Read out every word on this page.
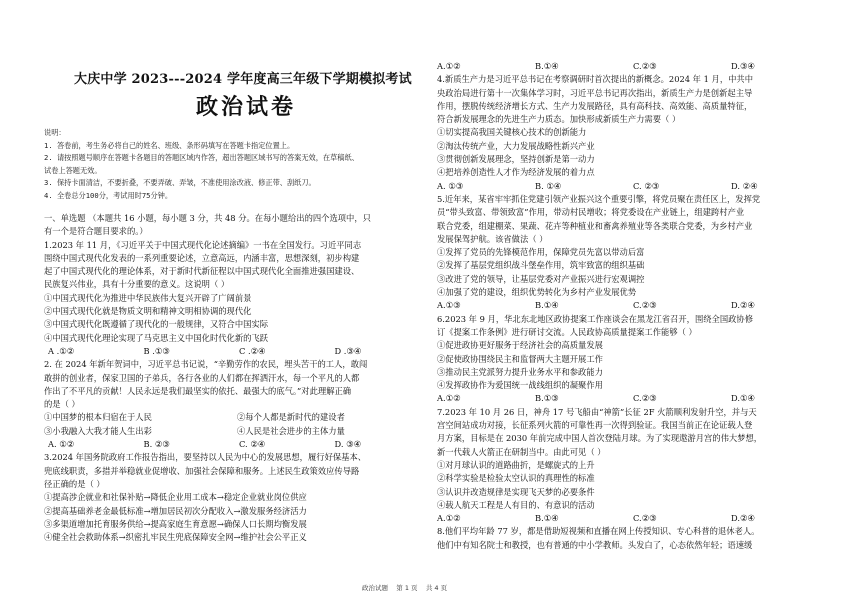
大庆中学 2023---2024 学年度高三年级下学期模拟考试
政治试卷
说明：
1. 答卷前，考生务必将自己的姓名、班级、条形码填写在答题卡指定位置上。
2. 请按照题号顺序在答题卡各题目的答题区域内作答，超出答题区域书写的答案无效，在草稿纸、
试卷上答题无效。
3. 保持卡面清洁，不要折叠，不要弄破、弄皱，不准使用涂改液、修正带、刮纸刀。
4. 全卷总分100分，考试用时75分钟。
一、单选题 （本题共 16 小题，每小题 3 分，共 48 分。在每小题给出的四个选项中，只
有一个是符合题目要求的。）
1.2023 年 11 月，《习近平关于中国式现代化论述摘编》一书在全国发行。习近平同志
围绕中国式现代化发表的一系列重要论述，立意高远，内涵丰富，思想深刻，初步构建
起了中国式现代化的理论体系，对于新时代新征程以中国式现代化全面推进强国建设、
民族复兴伟业，具有十分重要的意义。这说明（ ）
①中国式现代化为推进中华民族伟大复兴开辟了广阔前景
②中国式现代化就是物质文明和精神文明相协调的现代化
③中国式现代化既遵循了现代化的一般规律，又符合中国实际
④中国式现代化理论实现了马克思主义中国化时代化新的飞跃
A .①②	B .①③	C .②④	D .③④
2. 在 2024 年新年贺词中，习近平总书记说，“辛勤劳作的农民，埋头苦干的工人，敢闯
敢拼的创业者，保家卫国的子弟兵，各行各业的人们都在挥洒汗水，每一个平凡的人都
作出了不平凡的贡献！人民永远是我们最坚实的依托、最强大的底气。”对此理解正确
的是（ ）
①中国梦的根本归宿在于人民	②每个人都是新时代的建设者
③小我融入大我才能人生出彩	④人民是社会进步的主体力量
A. ①②	B. ②③	C. ②④	D. ③④
3.2024 年国务院政府工作报告指出，要坚持以人民为中心的发展思想，履行好保基本、
兜底线职责，多措并举稳就业促增收、加强社会保障和服务。上述民生政策效应传导路
径正确的是（ ）
①提高涉企就业和社保补贴→降低企业用工成本→稳定企业就业岗位供应
②提高基础养老金最低标准→增加居民初次分配收入→激发服务经济活力
③多渠道增加托育服务供给→提高家庭生育意愿→确保人口长期均衡发展
④健全社会救助体系→织密扎牢民生兜底保障安全网→维护社会公平正义
A.①②	B.①④	C.②③	D.③④
4.新质生产力是习近平总书记在考察调研时首次提出的新概念。2024 年 1 月，中共中
央政治局进行第十一次集体学习时，习近平总书记再次指出，新质生产力是创新起主导
作用，摆脱传统经济增长方式、生产力发展路径，具有高科技、高效能、高质量特征，
符合新发展理念的先进生产力质态。加快形成新质生产力需要（ ）
①切实提高我国关键核心技术的创新能力
②淘汰传统产业，大力发展战略性新兴产业
③贯彻创新发展理念，坚持创新是第一动力
④把培养创造性人才作为经济发展的着力点
A. ①③	B. ①④	C. ②③	D. ②④
5.近年来，某省牢牢抓住党建引领产业振兴这个重要引擎，将党员聚在责任区上，发挥党
员“带头致富、带领致富”作用，带动村民增收；将党委设在产业链上，组建跨村产业
联合党委，组建棚菜、果蔬、花卉等种植业和畜禽养殖业等各类联合党委，为乡村产业
发展保驾护航。该省做法（ ）
①发挥了党员的先锋模范作用，保障党员先富以带动后富
②发挥了基层党组织战斗堡垒作用，筑牢致富的组织基础
③改进了党的领导，让基层党委对产业振兴进行宏观调控
④加强了党的建设，组织优势转化为乡村产业发展优势
A.①③	B.①④	C.②③	D.②④
6.2023 年 9 月，华北东北地区政协提案工作座谈会在黑龙江省召开，围绕全国政协修
订《提案工作条例》进行研讨交流。人民政协高质量提案工作能够（ ）
①促进政协更好服务于经济社会的高质量发展
②促使政协围绕民主和监督两大主题开展工作
③推动民主党派努力提升业务水平和参政能力
④发挥政协作为爱国统一战线组织的凝聚作用
A.①②	B.①③	C.②③	D.①④
7.2023 年 10 月 26 日，神舟 17 号飞船由“神箭”长征 2F 火箭顺利发射升空，并与天
宫空间站成功对接，长征系列火箭的可靠性再一次得到验证。我国当前正在论证载人登
月方案，目标是在 2030 年前完成中国人首次登陆月球。为了实现遨游月宫的伟大梦想，
新一代载人火箭正在研制当中。由此可见（ ）
①对月球认识的道路曲折，是螺旋式的上升
②科学实验是检验太空认识的真理性的标准
③认识并改造规律是实现飞天梦的必要条件
④载人航天工程是人有目的、有意识的活动
A.①②	B.①④	C.②③	D.②④
8.他们平均年龄 77 岁，都是借助短视频和直播在网上传授知识、专心科普的退休老人。
他们中有知名院士和教授，也有普通的中小学教师。头发白了，心态依然年轻；语速缓
政治试题 第 1 页 共 4 页
